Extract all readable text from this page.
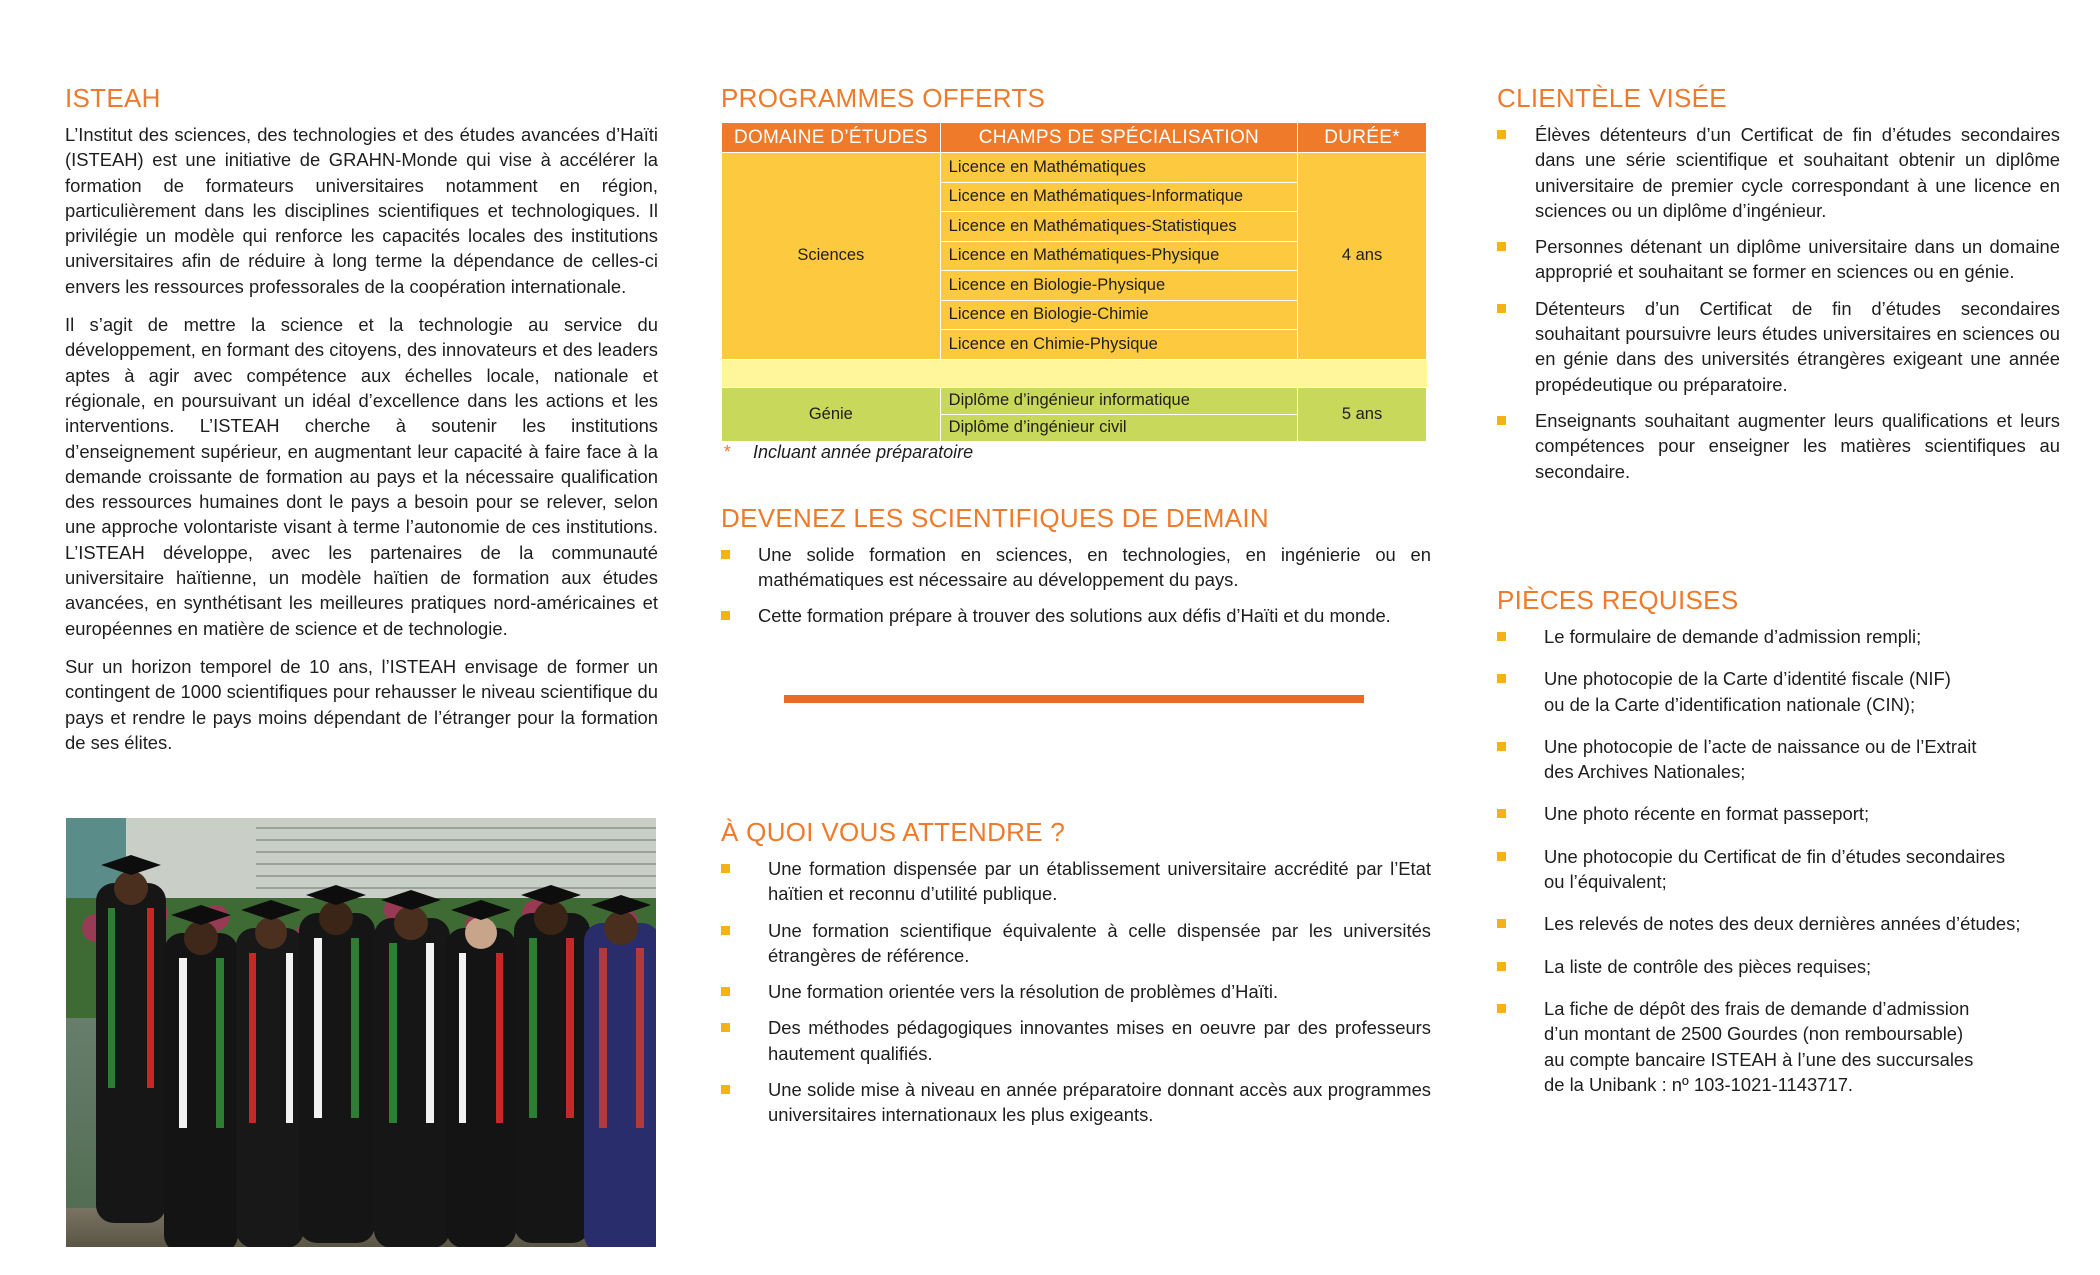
ISTEAH

L’Institut des sciences, des technologies et des études avancées d’Haïti (ISTEAH) est une initiative de GRAHN-Monde qui vise à accélérer la formation de formateurs universitaires notamment en région, particulièrement dans les disciplines scientifiques et technologiques. Il privilégie un modèle qui renforce les capacités locales des institutions universitaires afin de réduire à long terme la dépendance de celles-ci envers les ressources professorales de la coopération internationale.

Il s’agit de mettre la science et la technologie au service du développement, en formant des citoyens, des innovateurs et des leaders aptes à agir avec compétence aux échelles locale, nationale et régionale, en poursuivant un idéal d’excellence dans les actions et les interventions. L’ISTEAH cherche à soutenir les institutions d’enseignement supérieur, en augmentant leur capacité à faire face à la demande croissante de formation au pays et la nécessaire qualification des ressources humaines dont le pays a besoin pour se relever, selon une approche volontariste visant à terme l’autonomie de ces institutions. L’ISTEAH développe, avec les partenaires de la communauté universitaire haïtienne, un modèle haïtien de formation aux études avancées, en synthétisant les meilleures pratiques nord-américaines et européennes en matière de science et de technologie.

Sur un horizon temporel de 10 ans, l’ISTEAH envisage de former un contingent de 1000 scientifiques pour rehausser le niveau scientifique du pays et rendre le pays moins dépendant de l’étranger pour la formation de ses élites.

PROGRAMMES OFFERTS
DOMAINE D’ÉTUDES	CHAMPS DE SPÉCIALISATION	DURÉE*
Sciences	Licence en Mathématiques	4 ans
	Licence en Mathématiques-Informatique	
	Licence en Mathématiques-Statistiques	
	Licence en Mathématiques-Physique	
	Licence en Biologie-Physique	
	Licence en Biologie-Chimie	
	Licence en Chimie-Physique	

Génie	Diplôme d’ingénieur informatique	5 ans
	Diplôme d’ingénieur civil	
* Incluant année préparatoire
DEVENEZ LES SCIENTIFIQUES DE DEMAIN
Une solide formation en sciences, en technologies, en ingénierie ou en mathématiques est nécessaire au développement du pays.
Cette formation prépare à trouver des solutions aux défis d’Haïti et du monde.
À QUOI VOUS ATTENDRE ?
Une formation dispensée par un établissement universitaire accrédité par l’Etat haïtien et reconnu d’utilité publique.
Une formation scientifique équivalente à celle dispensée par les universités étrangères de référence.
Une formation orientée vers la résolution de problèmes d’Haïti.
Des méthodes pédagogiques innovantes mises en oeuvre par des professeurs hautement qualifiés.
Une solide mise à niveau en année préparatoire donnant accès aux programmes universitaires internationaux les plus exigeants.
CLIENTÈLE VISÉE
Élèves détenteurs d’un Certificat de fin d’études secondaires dans une série scientifique et souhaitant obtenir un diplôme universitaire de premier cycle correspondant à une licence en sciences ou un diplôme d’ingénieur.
Personnes détenant un diplôme universitaire dans un domaine approprié et souhaitant se former en sciences ou en génie.
Détenteurs d’un Certificat de fin d’études secondaires souhaitant poursuivre leurs études universitaires en sciences ou en génie dans des universités étrangères exigeant une année propédeutique ou préparatoire.
Enseignants souhaitant augmenter leurs qualifications et leurs compétences pour enseigner les matières scientifiques au secondaire.
PIÈCES REQUISES
Le formulaire de demande d’admission rempli;
Une photocopie de la Carte d’identité fiscale (NIF)
ou de la Carte d’identification nationale (CIN);
Une photocopie de l’acte de naissance ou de l’Extrait
des Archives Nationales;
Une photo récente en format passeport;
Une photocopie du Certificat de fin d’études secondaires
ou l’équivalent;
Les relevés de notes des deux dernières années d’études;
La liste de contrôle des pièces requises;
La fiche de dépôt des frais de demande d’admission
d’un montant de 2500 Gourdes (non remboursable)
au compte bancaire ISTEAH à l’une des succursales
de la Unibank : nº 103-1021-1143717.
